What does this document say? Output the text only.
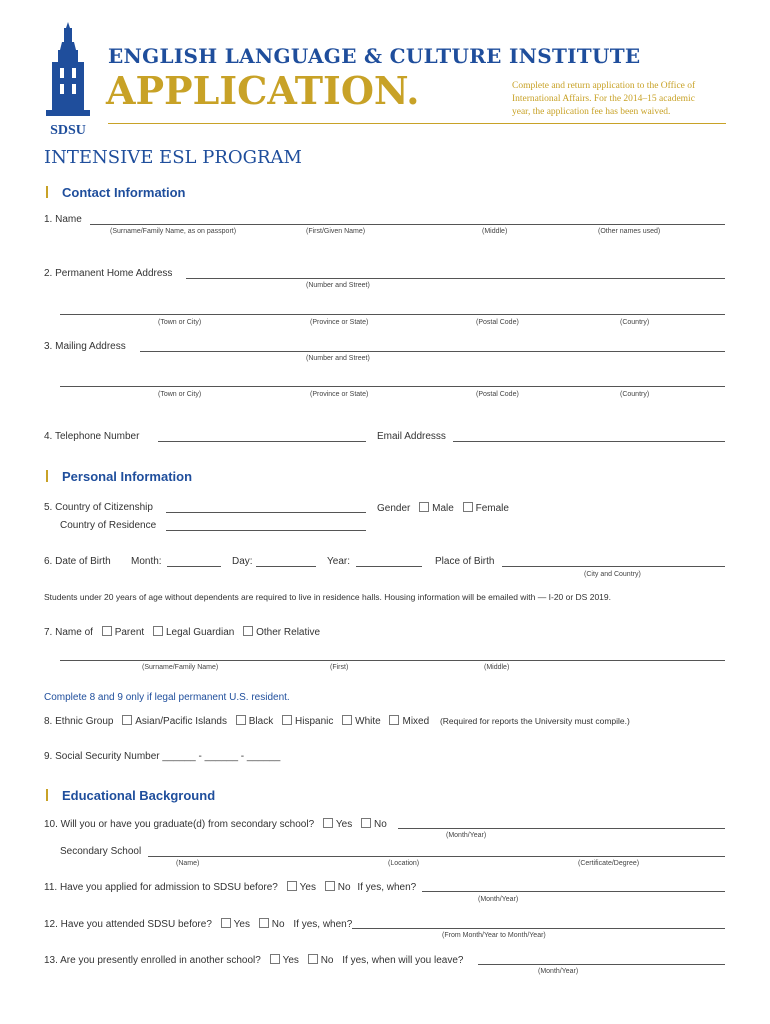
SDSU
ENGLISH LANGUAGE & CULTURE INSTITUTE
APPLICATION.	Complete and return application to the Office of
International Affairs. For the 2014–15 academic
year, the application fee has been waived.
INTENSIVE ESL PROGRAM
Contact Information
1. Name
(Surname/Family Name, as on passport)	(First/Given Name)	(Middle)	(Other names used)
2. Permanent Home Address
(Number and Street)
(Town or City)	(Province or State)	(Postal Code)	(Country)
3. Mailing Address
(Number and Street)
(Town or City)	(Province or State)	(Postal Code)	(Country)
4. Telephone Number	Email Addresss
Personal Information
5. Country of Citizenship	Gender Male Female
Country of Residence
6. Date of Birth Month:	Day:	Year:	Place of Birth
(City and Country)
Students under 20 years of age without dependents are required to live in residence halls. Housing information will be emailed with — I-20 or DS 2019.
7. Name of Parent Legal Guardian Other Relative
(Surname/Family Name)	(First)	(Middle)
Complete 8 and 9 only if legal permanent U.S. resident.
8. Ethnic Group Asian/Pacific Islands Black Hispanic White Mixed (Required for reports the University must compile.)
9. Social Security Number ______ - ______ - ______
Educational Background
10. Will you or have you graduate(d) from secondary school? Yes No
(Month/Year)
Secondary School
(Name)	(Location)	(Certificate/Degree)
11. Have you applied for admission to SDSU before? Yes No If yes, when?
(Month/Year)
12. Have you attended SDSU before? Yes No If yes, when?
(From Month/Year to Month/Year)
13. Are you presently enrolled in another school? Yes No If yes, when will you leave?
(Month/Year)
